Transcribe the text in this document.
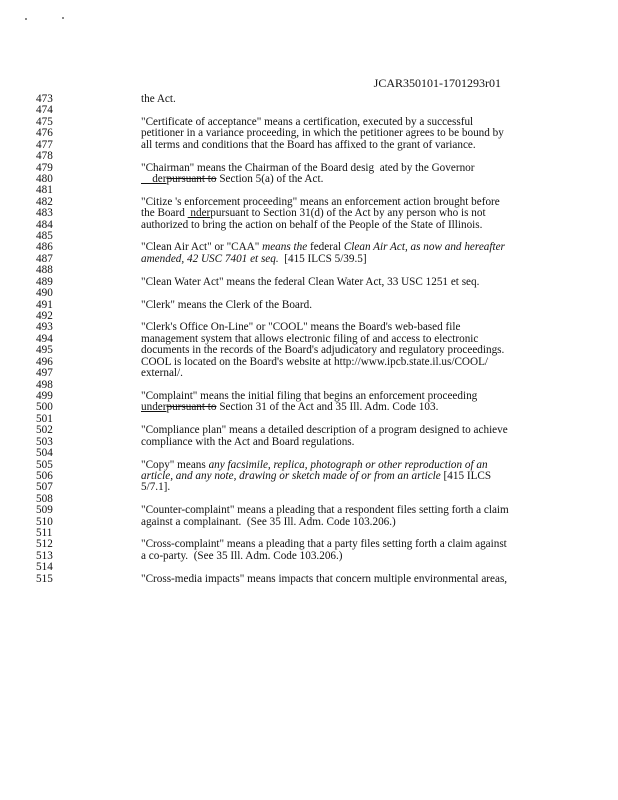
JCAR350101-1701293r01
473	the Act.
474
475	"Certificate of acceptance" means a certification, executed by a successful
476	petitioner in a variance proceeding, in which the petitioner agrees to be bound by
477	all terms and conditions that the Board has affixed to the grant of variance.
478
479	"Chairman" means the Chairman of the Board desig  ated by the Governor
480	derpursuant to Section 5(a) of the Act.
481
482	"Citize 's enforcement proceeding" means an enforcement action brought before
483	the Board  nderpursuant to Section 31(d) of the Act by any person who is not
484	authorized to bring the action on behalf of the People of the State of Illinois.
485
486	"Clean Air Act" or "CAA" means the federal Clean Air Act, as now and hereafter
487	amended, 42 USC 7401 et seq.  [415 ILCS 5/39.5]
488
489	"Clean Water Act" means the federal Clean Water Act, 33 USC 1251 et seq.
490
491	"Clerk" means the Clerk of the Board.
492
493	"Clerk's Office On-Line" or "COOL" means the Board's web-based file
494	management system that allows electronic filing of and access to electronic
495	documents in the records of the Board's adjudicatory and regulatory proceedings.
496	COOL is located on the Board's website at http://www.ipcb.state.il.us/COOL/
497	external/.
498
499	"Complaint" means the initial filing that begins an enforcement proceeding
500	underpursuant to Section 31 of the Act and 35 Ill. Adm. Code 103.
501
502	"Compliance plan" means a detailed description of a program designed to achieve
503	compliance with the Act and Board regulations.
504
505	"Copy" means any facsimile, replica, photograph or other reproduction of an
506	article, and any note, drawing or sketch made of or from an article [415 ILCS
507	5/7.1].
508
509	"Counter-complaint" means a pleading that a respondent files setting forth a claim
510	against a complainant.  (See 35 Ill. Adm. Code 103.206.)
511
512	"Cross-complaint" means a pleading that a party files setting forth a claim against
513	a co-party.  (See 35 Ill. Adm. Code 103.206.)
514
515	"Cross-media impacts" means impacts that concern multiple environmental areas,
